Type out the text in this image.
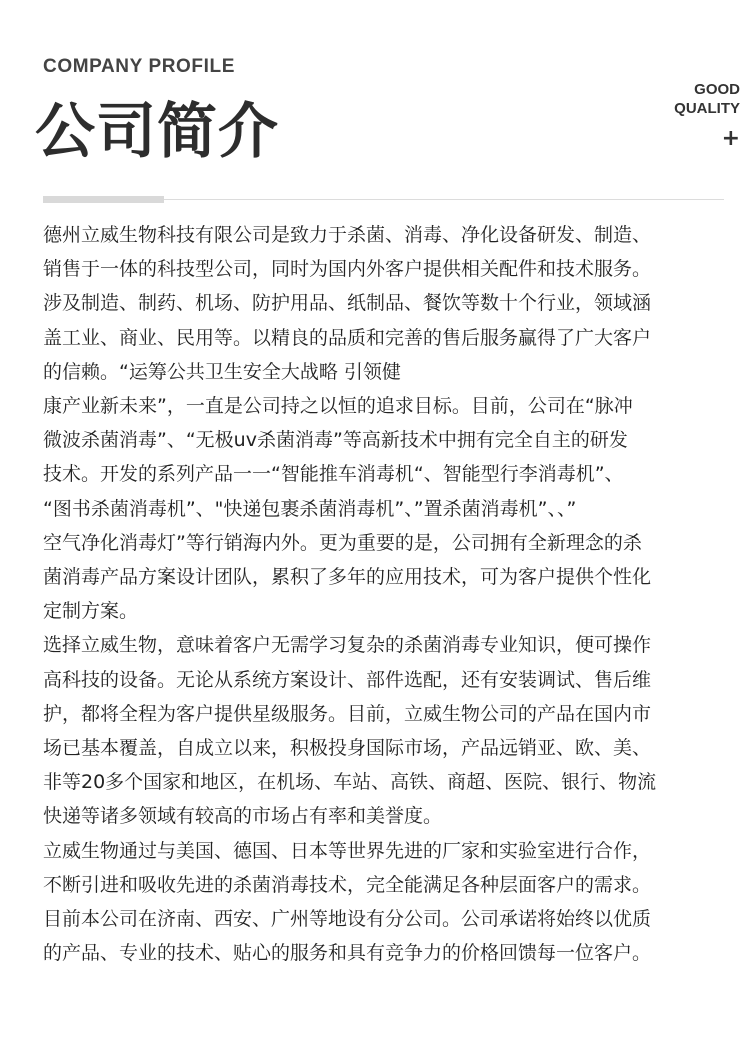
COMPANY PROFILE
公司简介
GOOD
QUALITY
+
德州立威生物科技有限公司是致力于杀菌、消毒、净化设备研发、制造、
销售于一体的科技型公司，同时为国内外客户提供相关配件和技术服务。
涉及制造、制药、机场、防护用品、纸制品、餐饮等数十个行业，领域涵
盖工业、商业、民用等。以精良的品质和完善的售后服务赢得了广大客户
的信赖。“运筹公共卫生安全大战略 引领健
康产业新未来”，一直是公司持之以恒的追求目标。目前，公司在“脉冲
微波杀菌消毒”、“无极uv杀菌消毒”等高新技术中拥有完全自主的研发
技术。开发的系列产品一一“智能推车消毒机“、智能型行李消毒机”、
“图书杀菌消毒机”、"快递包裹杀菌消毒机”、”置杀菌消毒机”、、”
空气净化消毒灯”等行销海内外。更为重要的是，公司拥有全新理念的杀
菌消毒产品方案设计团队，累积了多年的应用技术，可为客户提供个性化
定制方案。
选择立威生物，意味着客户无需学习复杂的杀菌消毒专业知识，便可操作
高科技的设备。无论从系统方案设计、部件选配，还有安装调试、售后维
护，都将全程为客户提供星级服务。目前，立威生物公司的产品在国内市
场已基本覆盖，自成立以来，积极投身国际市场，产品远销亚、欧、美、
非等20多个国家和地区，在机场、车站、高铁、商超、医院、银行、物流
快递等诸多领域有较高的市场占有率和美誉度。
立威生物通过与美国、德国、日本等世界先进的厂家和实验室进行合作，
不断引进和吸收先进的杀菌消毒技术，完全能满足各种层面客户的需求。
目前本公司在济南、西安、广州等地设有分公司。公司承诺将始终以优质
的产品、专业的技术、贴心的服务和具有竞争力的价格回馈每一位客户。
